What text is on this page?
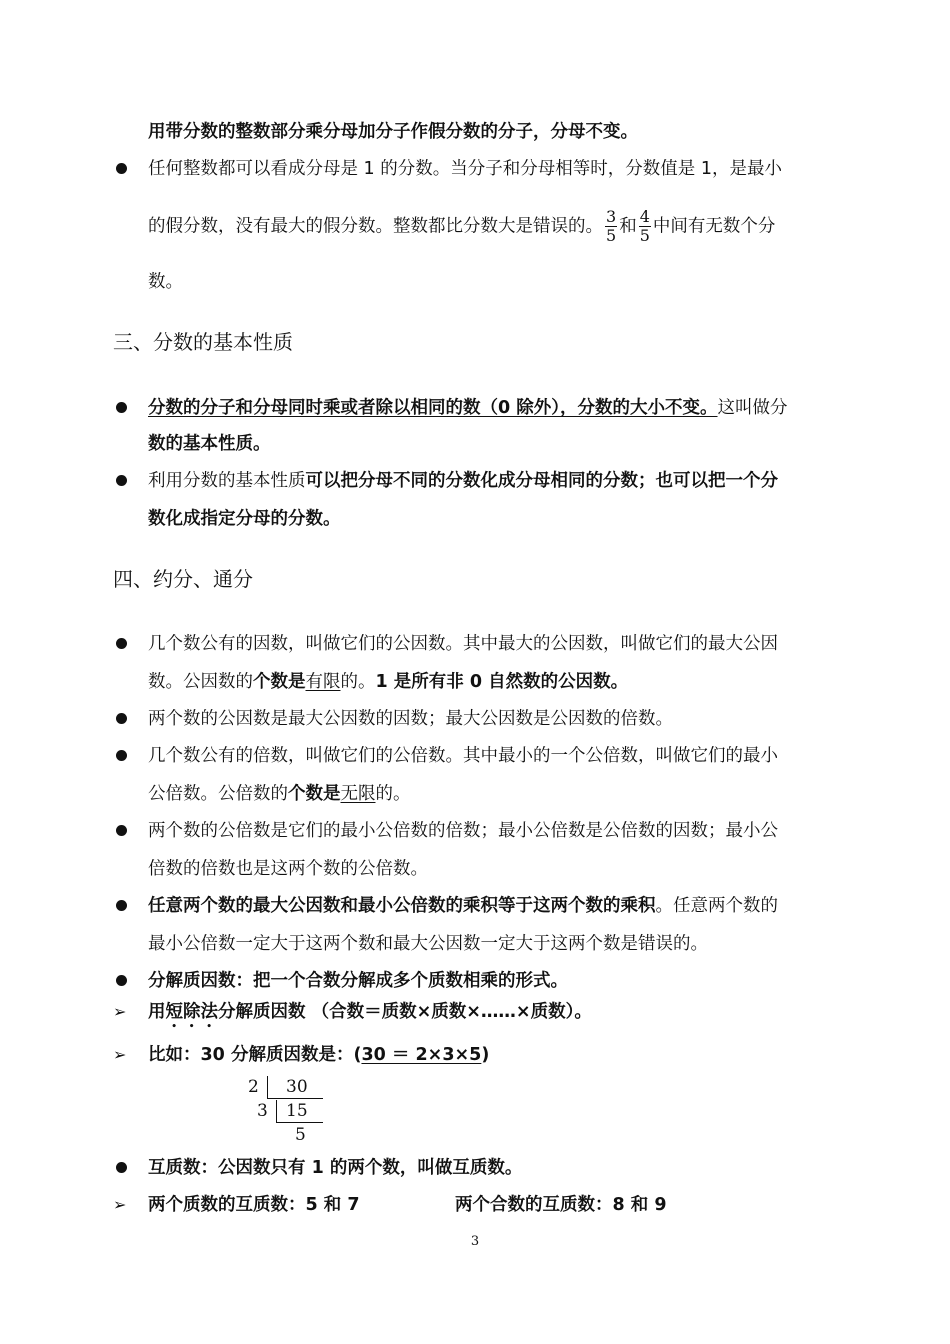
用带分数的整数部分乘分母加分子作假分数的分子，分母不变。
任何整数都可以看成分母是 1 的分数。当分子和分母相等时，分数值是 1，是最小
的假分数，没有最大的假分数。整数都比分数大是错误的。 $\frac{3}{5}$ 和 $\frac{4}{5}$ 中间有无数个分
数。
三、分数的基本性质
分数的分子和分母同时乘或者除以相同的数（0 除外），分数的大小不变。这叫做分
数的基本性质。
利用分数的基本性质可以把分母不同的分数化成分母相同的分数；也可以把一个分
数化成指定分母的分数。
四、约分、通分
几个数公有的因数，叫做它们的公因数。其中最大的公因数，叫做它们的最大公因
数。公因数的个数是有限的。1 是所有非 0 自然数的公因数。
两个数的公因数是最大公因数的因数；最大公因数是公因数的倍数。
几个数公有的倍数，叫做它们的公倍数。其中最小的一个公倍数，叫做它们的最小
公倍数。公倍数的个数是无限的。
两个数的公倍数是它们的最小公倍数的倍数；最小公倍数是公倍数的因数；最小公
倍数的倍数也是这两个数的公倍数。
任意两个数的最大公因数和最小公倍数的乘积等于这两个数的乘积。任意两个数的
最小公倍数一定大于这两个数和最大公因数一定大于这两个数是错误的。
分解质因数：把一个合数分解成多个质数相乘的形式。
➢ 用短除法分解质因数 （合数＝质数×质数×……×质数）。
➢ 比如：30 分解质因数是：(30 ＝ 2×3×5)
2 30
3 15
5
互质数：公因数只有 1 的两个数，叫做互质数。
➢ 两个质数的互质数：5 和 7	两个合数的互质数：8 和 9
3
